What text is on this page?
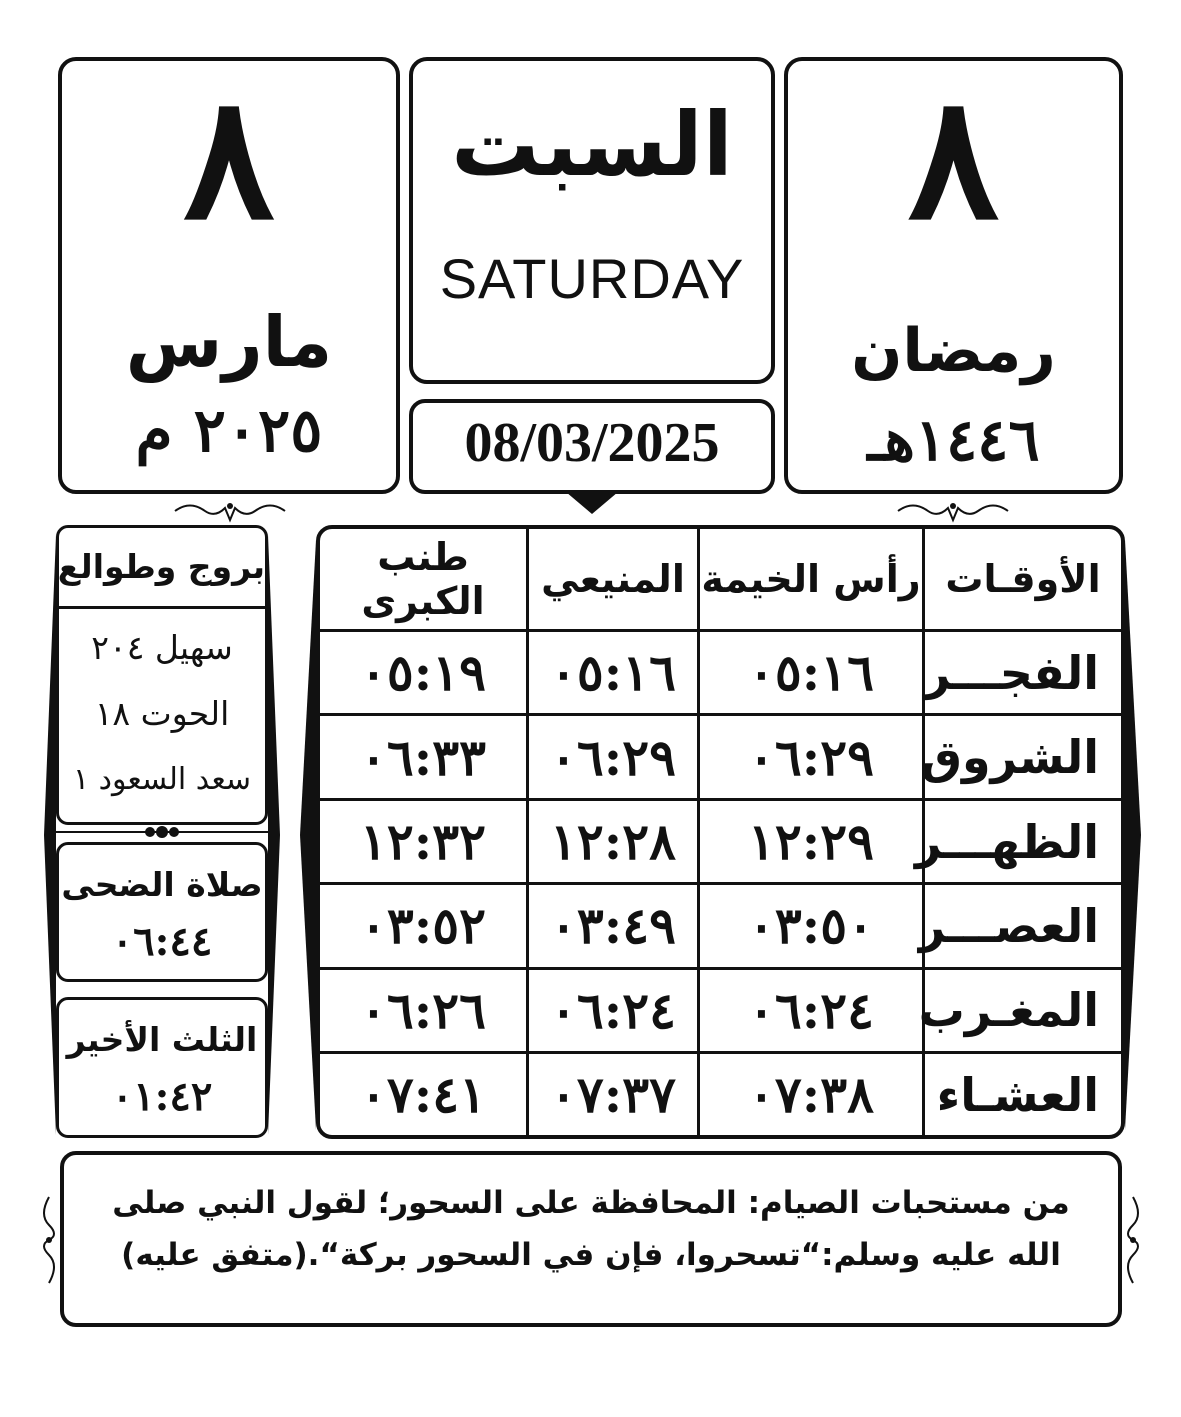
٨
مارس
٢٠٢٥ م
السبت
SATURDAY
08/03/2025
٨
رمضان
١٤٤٦هـ
الأوقـات	رأس الخيمة	المنيعي	طنب الكبرى
الفجـــر	٠٥:١٦	٠٥:١٦	٠٥:١٩
الشروق	٠٦:٢٩	٠٦:٢٩	٠٦:٣٣
الظهـــر	١٢:٢٩	١٢:٢٨	١٢:٣٢
العصـــر	٠٣:٥٠	٠٣:٤٩	٠٣:٥٢
المغـرب	٠٦:٢٤	٠٦:٢٤	٠٦:٢٦
العشـاء	٠٧:٣٨	٠٧:٣٧	٠٧:٤١
بروج وطوالع
سهيل ٢٠٤
الحوت ١٨
سعد السعود ١
صلاة الضحى
٠٦:٤٤
الثلث الأخير
٠١:٤٢

من مستحبات الصيام: المحافظة على السحور؛ لقول النبي صلى الله عليه وسلم:“تسحروا، فإن في السحور بركة“.(متفق عليه)
